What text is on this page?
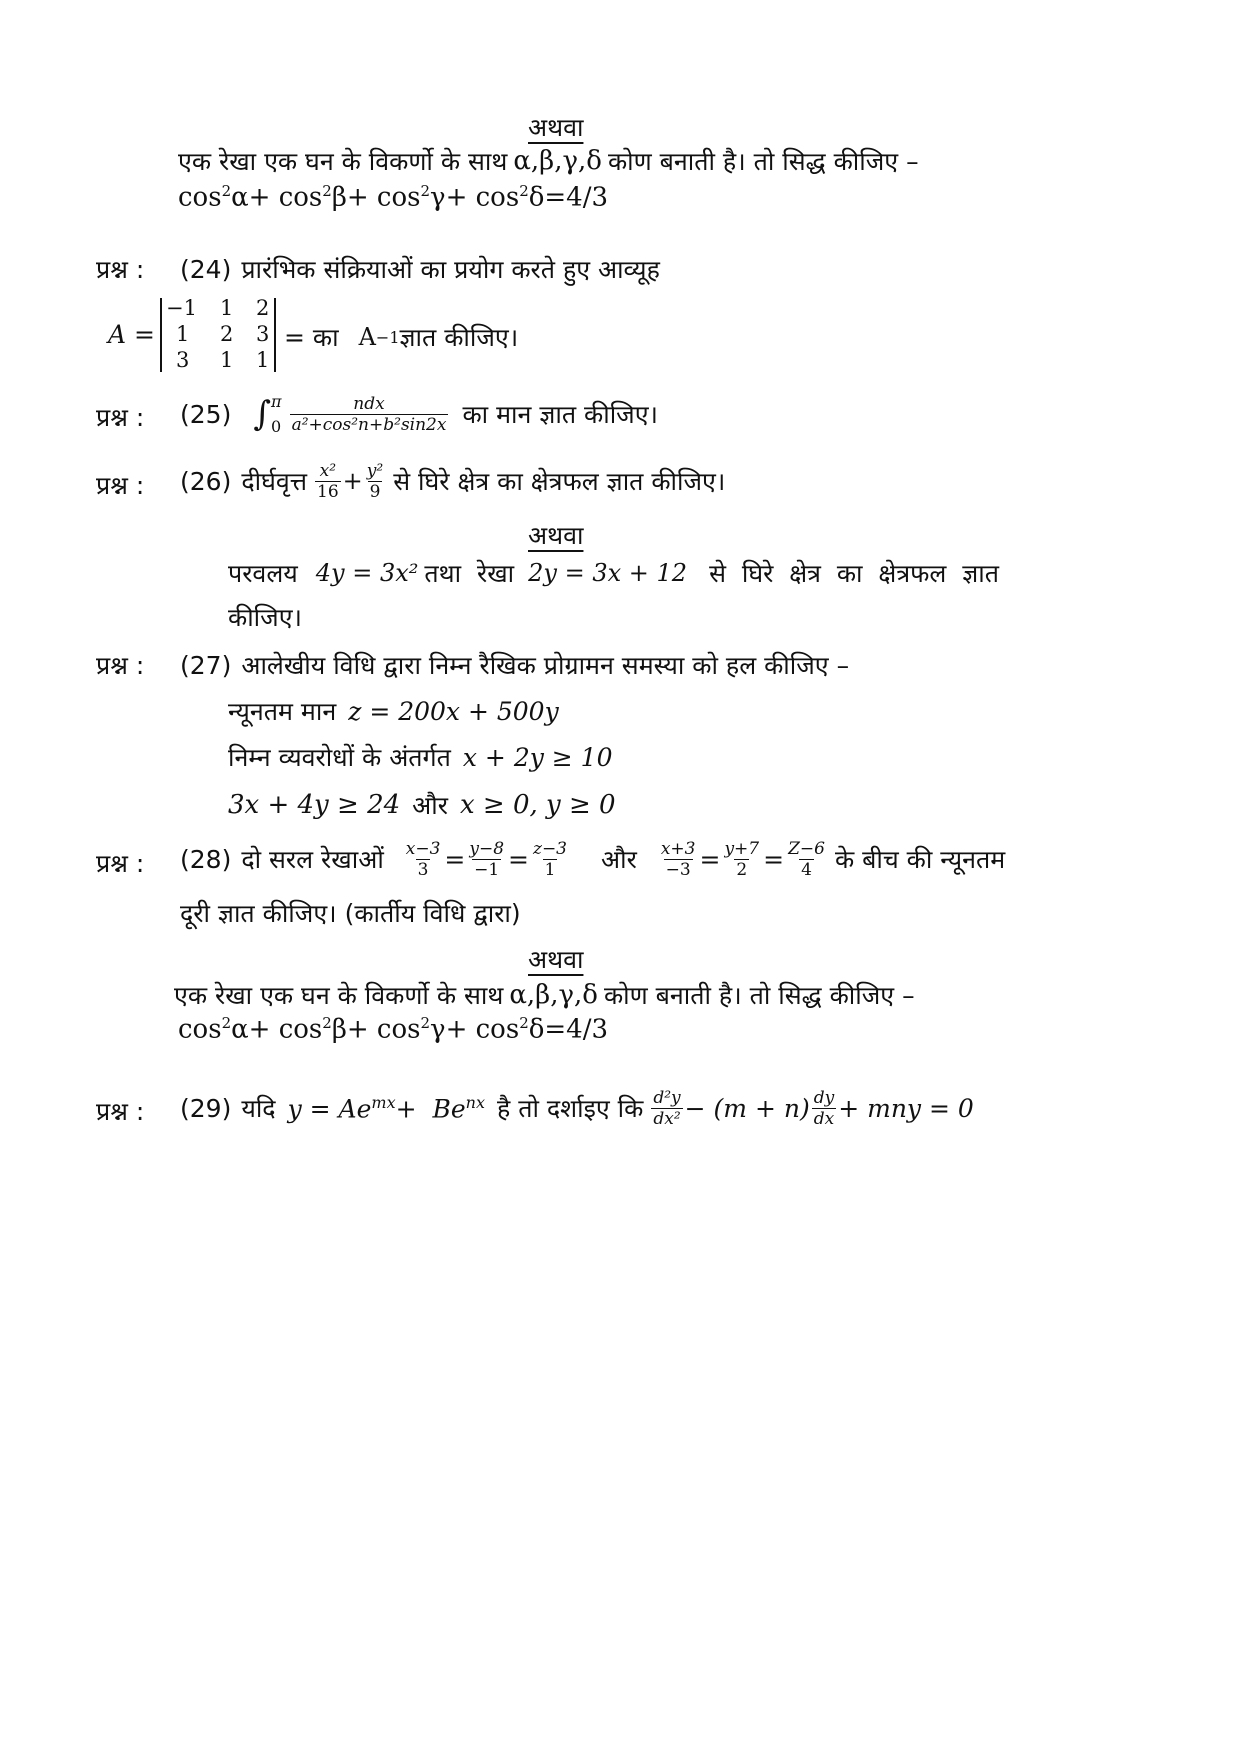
अथवा
एक रेखा एक घन के विकर्णो के साथ α,β,γ,δ कोण बनाती है। तो सिद्ध कीजिए –
$\cos^2\alpha+ \cos^2\beta+ \cos^2\gamma+ \cos^2\delta=4/3$
प्रश्न : (24) प्रारंभिक संक्रियाओं का प्रयोग करते हुए आव्यूह
A =
−1 1 2
1 2 3
3 1 1
= का A −1 ज्ञात कीजिए।
प्रश्न : (25) ∫ π
$0 \frac{\text{ndx}}{\text{a²+cos²n+b²sin2x}}$ का मान ज्ञात कीजिए।
प्रश्न : (26) दीर्घवृत्त $\frac{\text{x²}}{16} + \frac{\text{y²}}{9}$ से घिरे क्षेत्र का क्षेत्रफल ज्ञात कीजिए।
अथवा
परवलय 4y = 3x² तथा  रेखा 2y = 3x + 12 से  घिरे  क्षेत्र  का  क्षेत्रफल  ज्ञात
कीजिए।
प्रश्न : (27) आलेखीय विधि द्वारा निम्न रैखिक प्रोग्रामन समस्या को हल कीजिए –
न्यूनतम मान z = 200x + 500y
निम्न व्यवरोधों के अंतर्गत x + 2y ≥ 10
3x + 4y ≥ 24 और x ≥ 0, y ≥ 0
प्रश्न : (28) दो सरल रेखाओं $\frac{x-3}{3} = \frac{y-8}{-1} = \frac{z-3}{1}$ और $\frac{x+3}{-3} = \frac{y+7}{2} = \frac{Z-6}{4}$ के बीच की न्यूनतम
दूरी ज्ञात कीजिए। (कार्तीय विधि द्वारा)
अथवा
एक रेखा एक घन के विकर्णो के साथ α,β,γ,δ कोण बनाती है। तो सिद्ध कीजिए –
$\cos^2\alpha+ \cos^2\beta+ \cos^2\gamma+ \cos^2\delta=4/3$
प्रश्न : (29) यदि $y = Ae^{mx}+ Be^{nx}$ है तो दर्शाइए कि $\frac{\text{d²y}}{\text{dx²}} - (m + n) \frac{dy}{dx}$ + mny = 0
